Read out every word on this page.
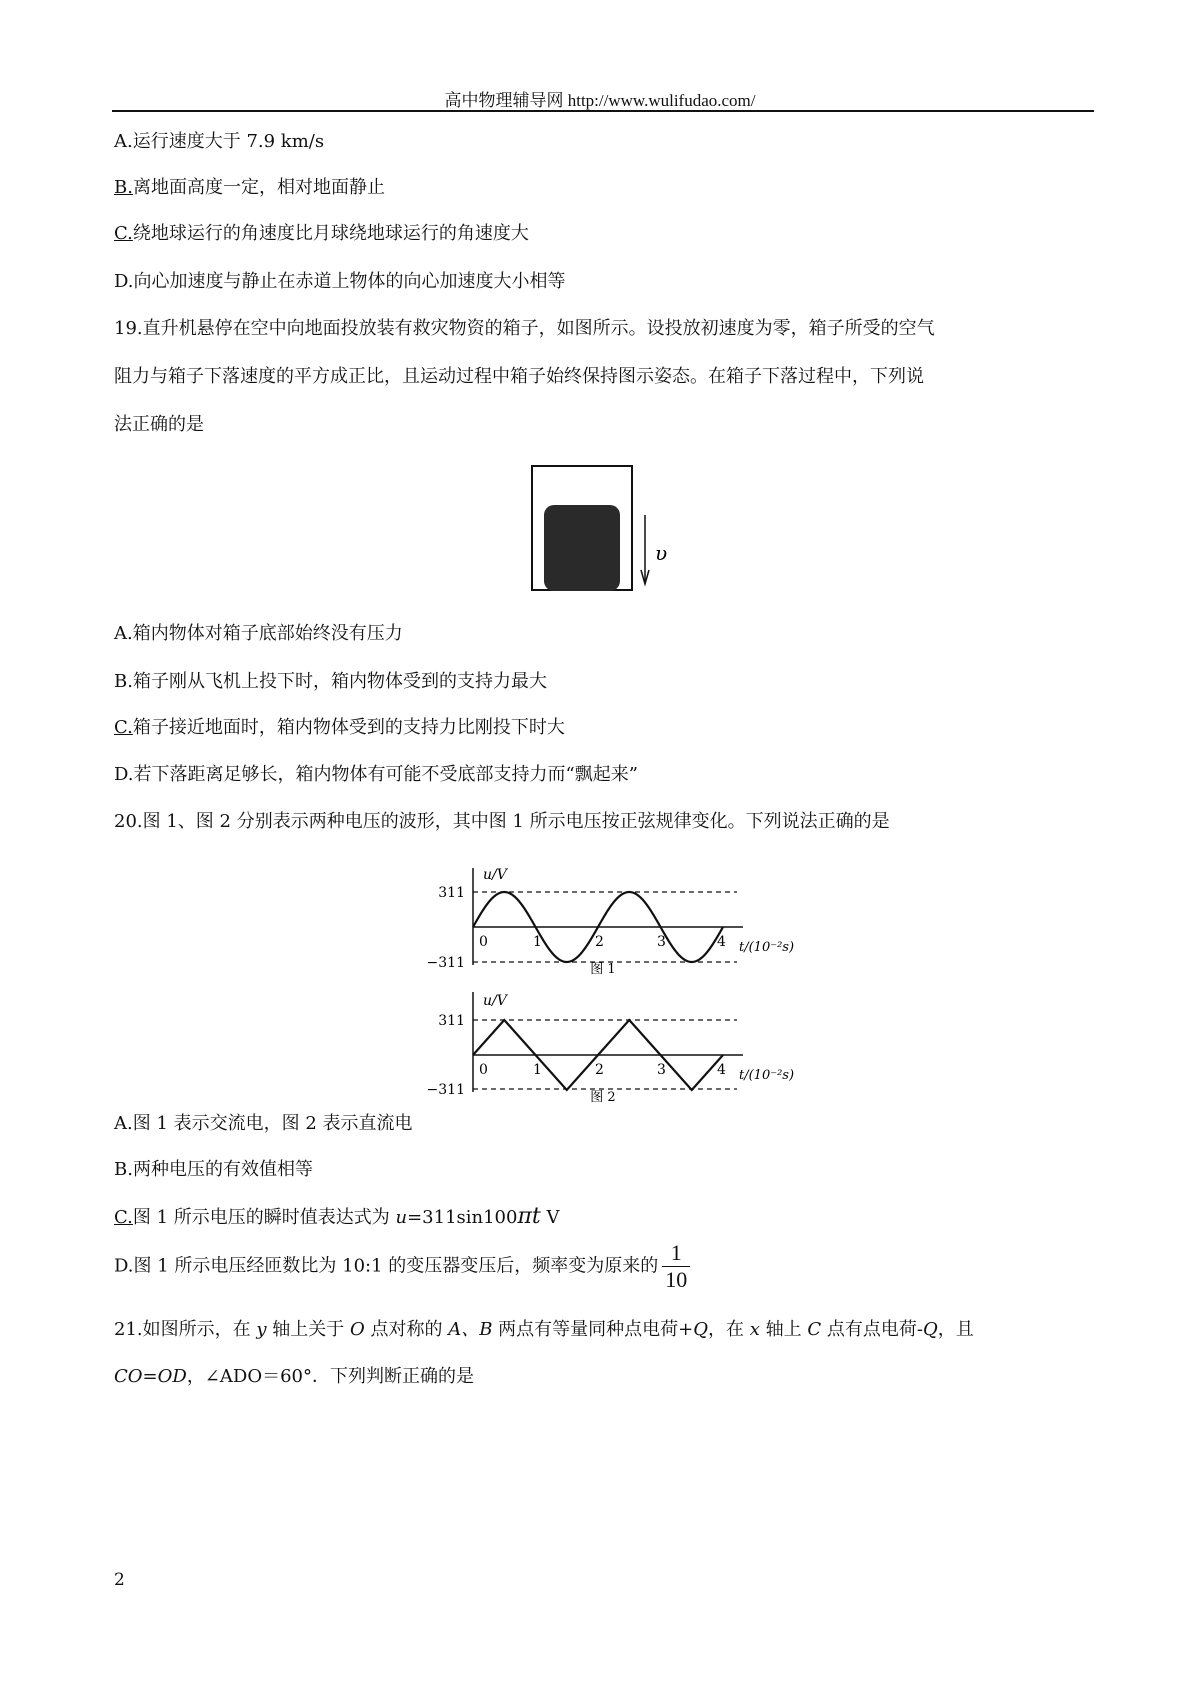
高中物理辅导网 http://www.wulifudao.com/
A.运行速度大于 7.9 km/s
B.离地面高度一定，相对地面静止
C.绕地球运行的角速度比月球绕地球运行的角速度大
D.向心加速度与静止在赤道上物体的向心加速度大小相等
19.直升机悬停在空中向地面投放装有救灾物资的箱子，如图所示。设投放初速度为零，箱子所受的空气
阻力与箱子下落速度的平方成正比，且运动过程中箱子始终保持图示姿态。在箱子下落过程中，下列说
法正确的是
υ
A.箱内物体对箱子底部始终没有压力
B.箱子刚从飞机上投下时，箱内物体受到的支持力最大
C.箱子接近地面时，箱内物体受到的支持力比刚投下时大
D.若下落距离足够长，箱内物体有可能不受底部支持力而“飘起来”
20.图 1、图 2 分别表示两种电压的波形，其中图 1 所示电压按正弦规律变化。下列说法正确的是
u/V
311
−311
0	1	2	3	4 t/(10⁻²s)
图 1
u/V
311
−311
0	1	2	3	4 t/(10⁻²s)
图 2
A.图 1 表示交流电，图 2 表示直流电
B.两种电压的有效值相等
C.图 1 所示电压的瞬时值表达式为 u=311sin100πt V
D.图 1 所示电压经匝数比为 10:1 的变压器变压后，频率变为原来的 $\frac{1}{10}$
21.如图所示，在 y 轴上关于 O 点对称的 A、B 两点有等量同种点电荷+Q，在 x 轴上 C 点有点电荷-Q，且
CO=OD，∠ADO＝60°．下列判断正确的是
2
